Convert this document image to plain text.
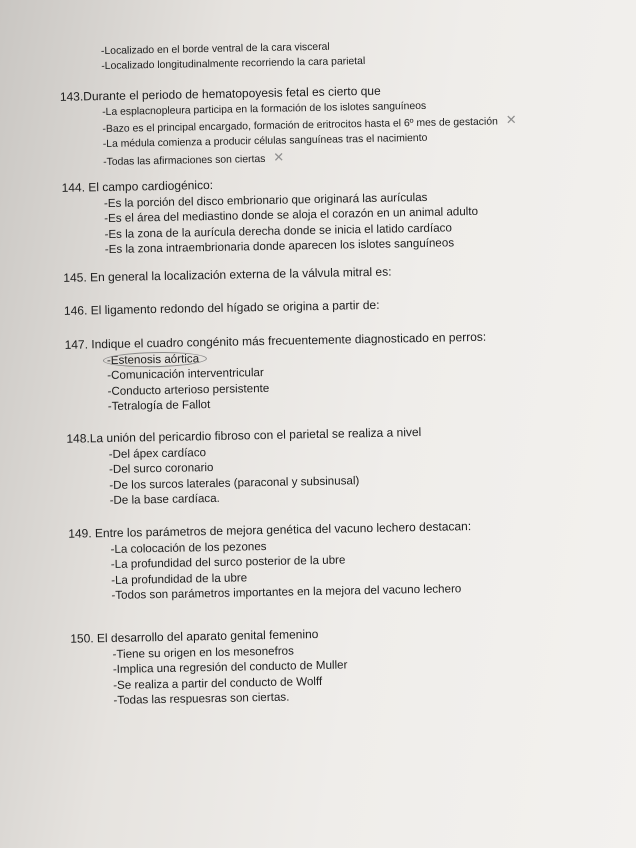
-Localizado en el borde ventral de la cara visceral
-Localizado longitudinalmente recorriendo la cara parietal
143.Durante el periodo de hematopoyesis fetal es cierto que
-La esplacnopleura participa en la formación de los islotes sanguíneos
-Bazo es el principal encargado, formación de eritrocitos hasta el 6º mes de gestación ✕
-La médula comienza a producir células sanguíneas tras el nacimiento
-Todas las afirmaciones son ciertas ✕
144. El campo cardiogénico:
-Es la porción del disco embrionario que originará las aurículas
-Es el área del mediastino donde se aloja el corazón en un animal adulto
-Es la zona de la aurícula derecha donde se inicia el latido cardíaco
-Es la zona intraembrionaria donde aparecen los islotes sanguíneos
145. En general la localización externa de la válvula mitral es:
146. El ligamento redondo del hígado se origina a partir de:
147. Indique el cuadro congénito más frecuentemente diagnosticado en perros:
-Estenosis aórtica
-Comunicación interventricular
-Conducto arterioso persistente
-Tetralogía de Fallot
148.La unión del pericardio fibroso con el parietal se realiza a nivel
-Del ápex cardíaco
-Del surco coronario
-De los surcos laterales (paraconal y subsinusal)
-De la base cardíaca.
149. Entre los parámetros de mejora genética del vacuno lechero destacan:
-La colocación de los pezones
-La profundidad del surco posterior de la ubre
-La profundidad de la ubre
-Todos son parámetros importantes en la mejora del vacuno lechero
150. El desarrollo del aparato genital femenino
-Tiene su origen en los mesonefros
-Implica una regresión del conducto de Muller
-Se realiza a partir del conducto de Wolff
-Todas las respuesras son ciertas.
